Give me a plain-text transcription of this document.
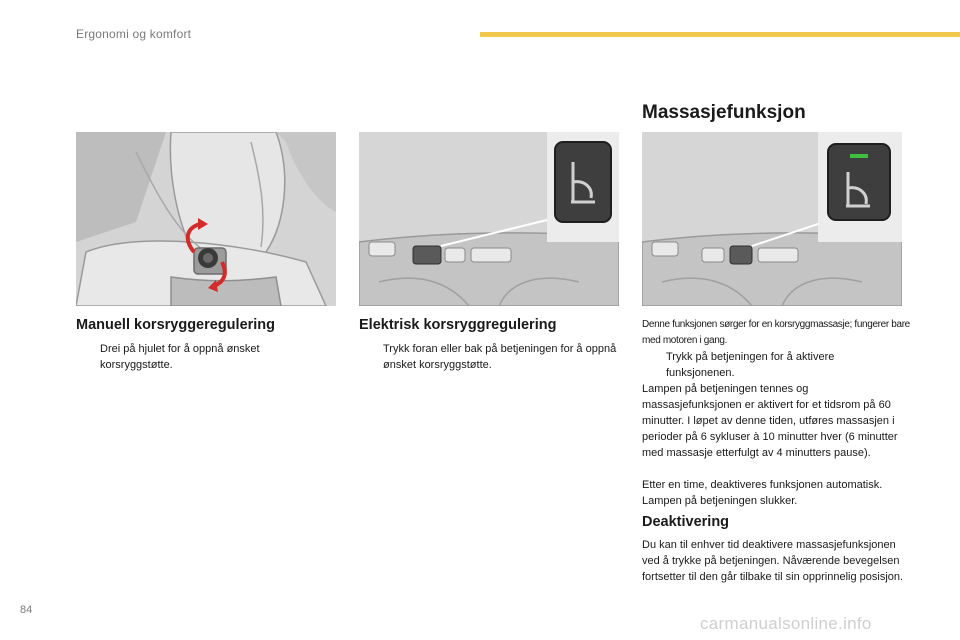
Ergonomi og komfort
Manuell korsryggeregulering
Drei på hjulet for å oppnå ønsket korsryggstøtte.
Elektrisk korsryggregulering
Trykk foran eller bak på betjeningen for å oppnå ønsket korsryggstøtte.
Massasjefunksjon
Denne funksjonen sørger for en korsryggmassasje; fungerer bare med motoren i gang.
Trykk på betjeningen for å aktivere funksjonenen.
Lampen på betjeningen tennes og massasjefunksjonen er aktivert for et tidsrom på 60 minutter. I løpet av denne tiden, utføres massasjen i perioder på 6 sykluser à 10 minutter hver (6 minutter med massasje etterfulgt av 4 minutters pause).
Etter en time, deaktiveres funksjonen automatisk. Lampen på betjeningen slukker.
Deaktivering
Du kan til enhver tid deaktivere massasjefunksjonen ved å trykke på betjeningen. Nåværende bevegelsen fortsetter til den går tilbake til sin opprinnelig posisjon.
84
carmanualsonline.info
